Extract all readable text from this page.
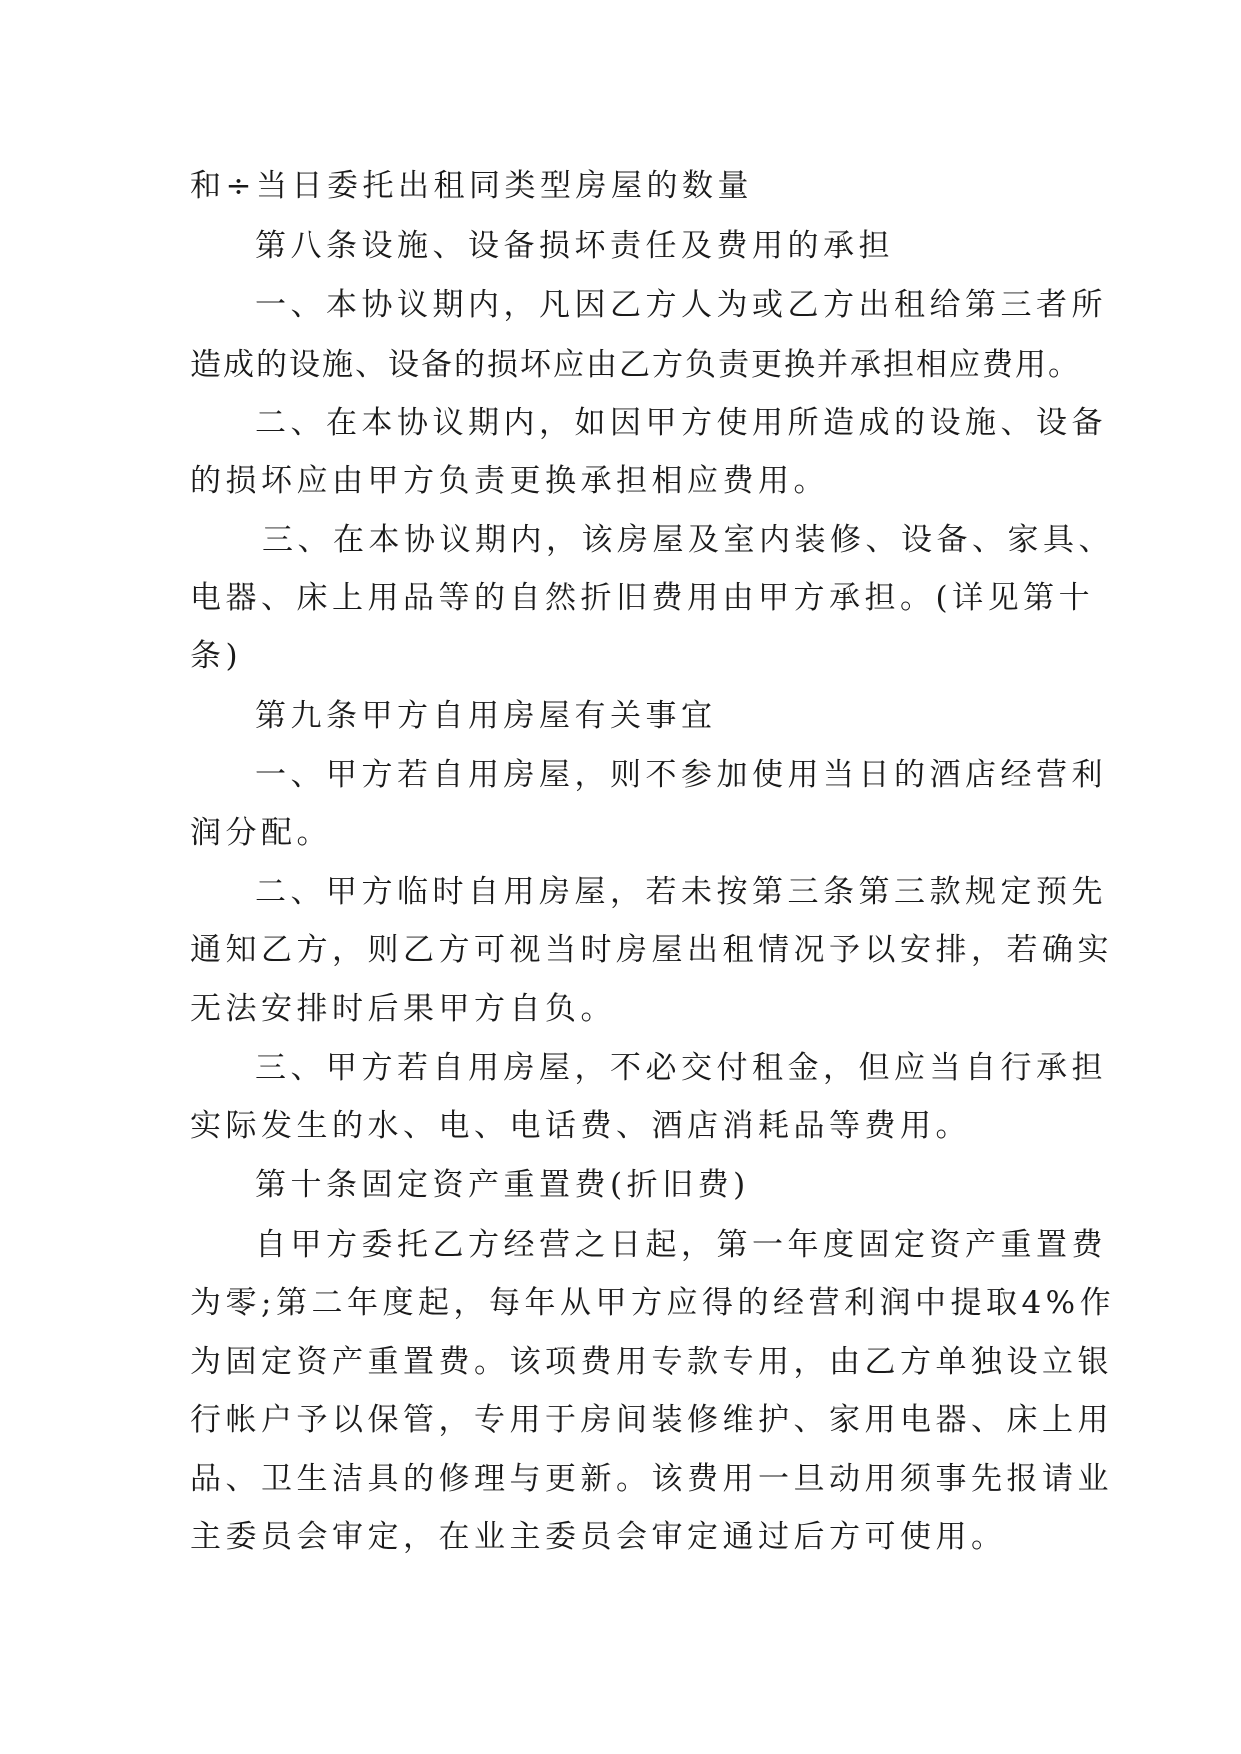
和÷当日委托出租同类型房屋的数量
第八条设施、设备损坏责任及费用的承担
一、本协议期内，凡因乙方人为或乙方出租给第三者所
造成的设施、设备的损坏应由乙方负责更换并承担相应费用。
二、在本协议期内，如因甲方使用所造成的设施、设备
的损坏应由甲方负责更换承担相应费用。
三、在本协议期内，该房屋及室内装修、设备、家具、
电器、床上用品等的自然折旧费用由甲方承担。(详见第十
条)
第九条甲方自用房屋有关事宜
一、甲方若自用房屋，则不参加使用当日的酒店经营利
润分配。
二、甲方临时自用房屋，若未按第三条第三款规定预先
通知乙方，则乙方可视当时房屋出租情况予以安排，若确实
无法安排时后果甲方自负。
三、甲方若自用房屋，不必交付租金，但应当自行承担
实际发生的水、电、电话费、酒店消耗品等费用。
第十条固定资产重置费(折旧费)
自甲方委托乙方经营之日起，第一年度固定资产重置费
为零;第二年度起，每年从甲方应得的经营利润中提取4%作
为固定资产重置费。该项费用专款专用，由乙方单独设立银
行帐户予以保管，专用于房间装修维护、家用电器、床上用
品、卫生洁具的修理与更新。该费用一旦动用须事先报请业
主委员会审定，在业主委员会审定通过后方可使用。
